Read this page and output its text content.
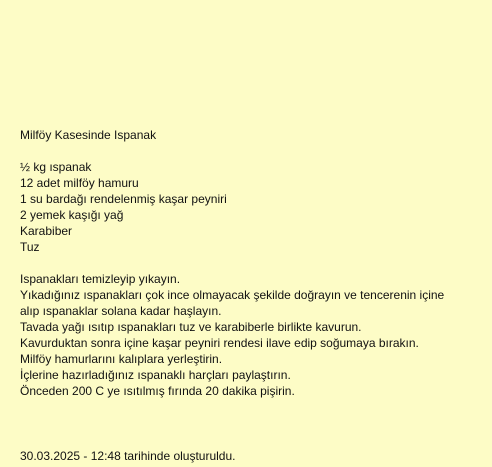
Milföy Kasesinde Ispanak
½ kg ıspanak
12 adet milföy hamuru
1 su bardağı rendelenmiş kaşar peyniri
2 yemek kaşığı yağ
Karabiber
Tuz
Ispanakları temizleyip yıkayın.
Yıkadığınız ıspanakları çok ince olmayacak şekilde doğrayın ve tencerenin içine
alıp ıspanaklar solana kadar haşlayın.
Tavada yağı ısıtıp ıspanakları tuz ve karabiberle birlikte kavurun.
Kavurduktan sonra içine kaşar peyniri rendesi ilave edip soğumaya bırakın.
Milföy hamurlarını kalıplara yerleştirin.
İçlerine hazırladığınız ıspanaklı harçları paylaştırın.
Önceden 200 C ye ısıtılmış fırında 20 dakika pişirin.
30.03.2025 - 12:48 tarihinde oluşturuldu.
